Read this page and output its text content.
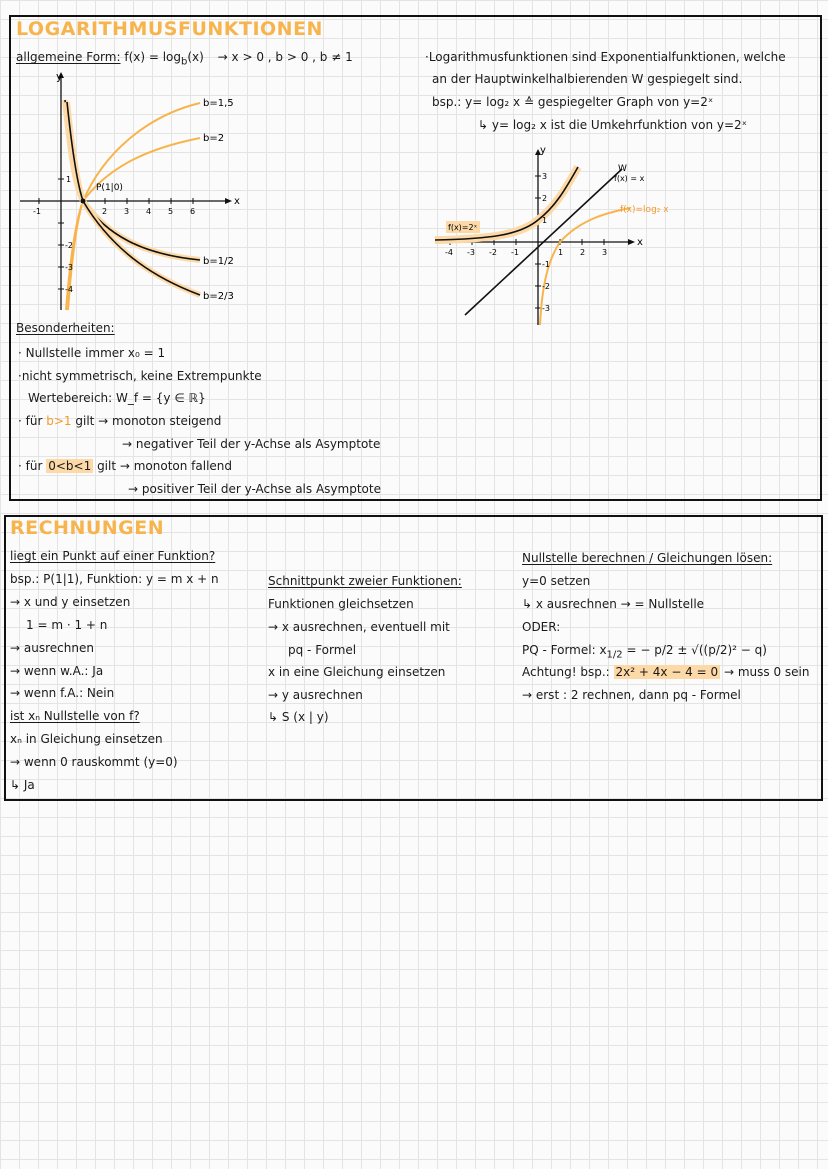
LOGARITHMUSFUNKTIONEN
allgemeine Form: $f(x) = \log_b(x) \to x > 0$ , b > 0 , b ≠ 1
y
x
P(1|0)
-1	2 3 4 5 6
1
-2
-3
-4
b=1,5
b=2
b=1/2
b=2/3
·Logarithmusfunktionen sind Exponentialfunktionen, welche
an der Hauptwinkelhalbierenden W gespiegelt sind.
bsp.: y= log₂ x ≙ gespiegelter Graph von y=2ˣ
↳ y= log₂ x ist die Umkehrfunktion von y=2ˣ
W
f(x) = x
f(x)=2ˣ
f(x)=log₂ x
y
x
-4 -3 -2 -1	1 2 3
3
2
1
-1
-2
-3
Besonderheiten:
· Nullstelle immer x₀ = 1
·nicht symmetrisch, keine Extrempunkte
Wertebereich: W_f = {y ∈ ℝ}
· für b>1 gilt → monoton steigend
→ negativer Teil der y-Achse als Asymptote
· für 0<b<1 gilt → monoton fallend
→ positiver Teil der y-Achse als Asymptote
RECHNUNGEN
liegt ein Punkt auf einer Funktion?
bsp.: P(1|1), Funktion: y = m x + n
→ x und y einsetzen
1 = m · 1 + n
→ ausrechnen
→ wenn w.A.: Ja
→ wenn f.A.: Nein
ist xₙ Nullstelle von f?
xₙ in Gleichung einsetzen
→ wenn 0 rauskommt (y=0)
↳ Ja
Schnittpunkt zweier Funktionen:
Funktionen gleichsetzen
→ x ausrechnen, eventuell mit
pq - Formel
x in eine Gleichung einsetzen
→ y ausrechnen
↳ S (x | y)
Nullstelle berechnen / Gleichungen lösen:
y=0 setzen
↳ x ausrechnen → = Nullstelle
ODER:
PQ - Formel: $x_{1/2}$ = − p/2 ± √((p/2)² − q)
Achtung! bsp.: 2x² + 4x − 4 = 0 → muss 0 sein
→ erst : 2 rechnen, dann pq - Formel
